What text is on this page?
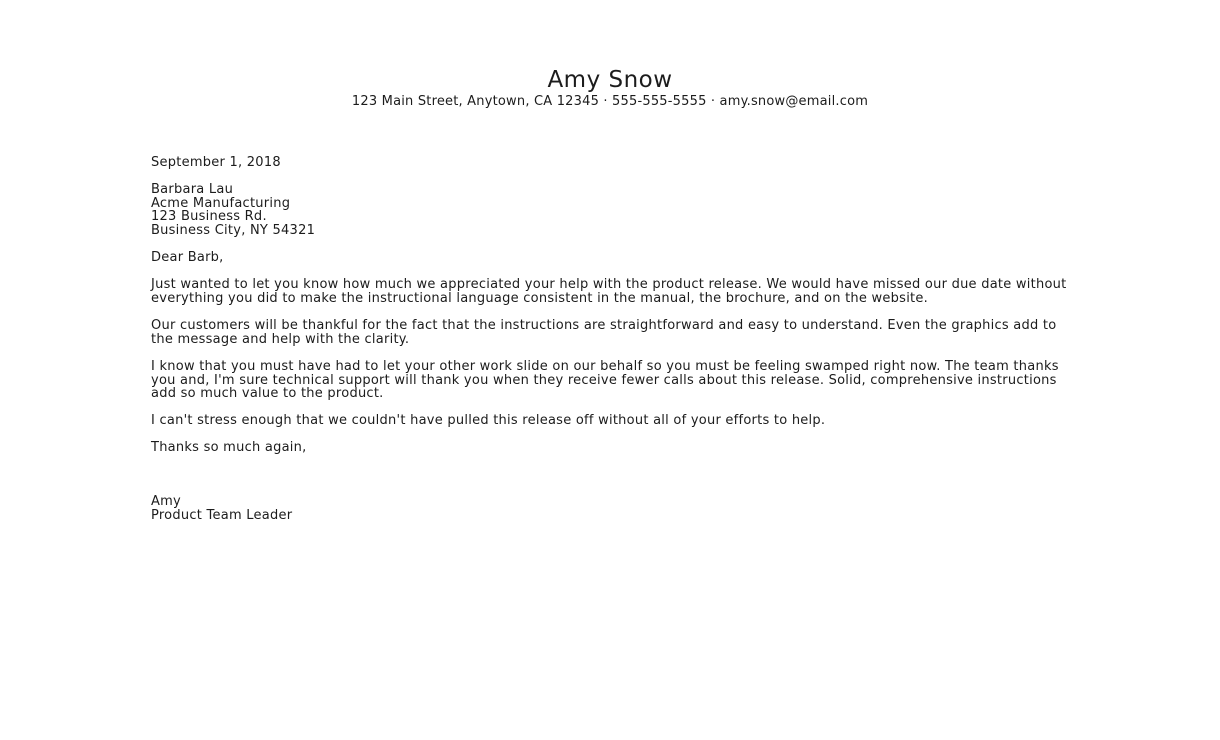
Amy Snow
123 Main Street, Anytown, CA 12345 · 555-555-5555 · amy.snow@email.com

September 1, 2018

Barbara Lau
Acme Manufacturing
123 Business Rd.
Business City, NY 54321

Dear Barb,

Just wanted to let you know how much we appreciated your help with the product release. We would have missed our due date without everything you did to make the instructional language consistent in the manual, the brochure, and on the website.

Our customers will be thankful for the fact that the instructions are straightforward and easy to understand. Even the graphics add to the message and help with the clarity.

I know that you must have had to let your other work slide on our behalf so you must be feeling swamped right now. The team thanks you and, I'm sure technical support will thank you when they receive fewer calls about this release. Solid, comprehensive instructions add so much value to the product.

I can't stress enough that we couldn't have pulled this release off without all of your efforts to help.

Thanks so much again,

Amy
Product Team Leader
